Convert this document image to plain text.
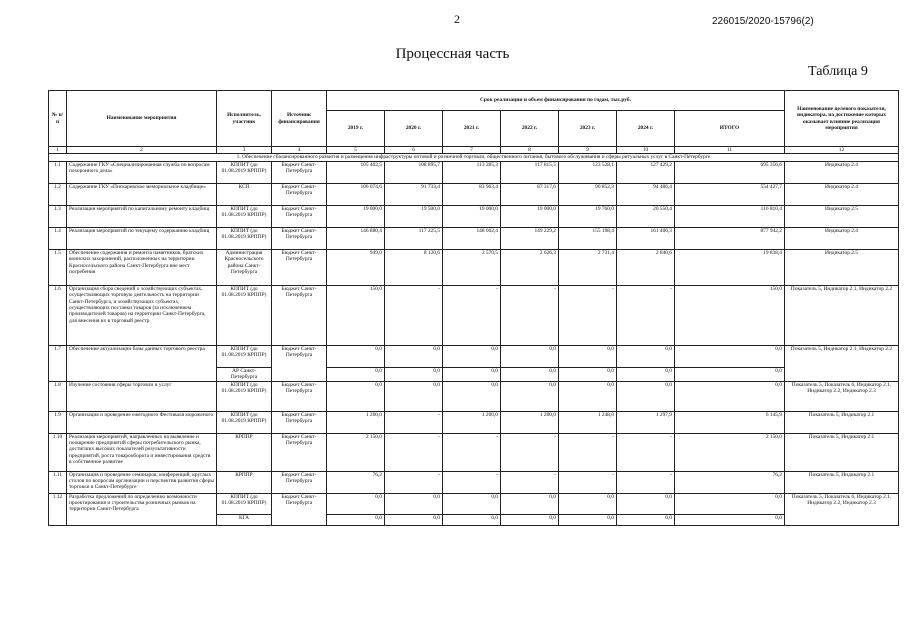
2	226015/2020-15796(2)
Процессная часть
Таблица 9
№ п/п	Наименование мероприятия	Исполнитель, участник	Источник финансирования	Срок реализации и объем финансирования по годам, тыс.руб.							Наименование целевого показателя, индикатора, на достижение которых оказывает влияние реализация мероприятия
				2019 г.	2020 г.	2021 г.	2022 г.	2023 г.	2024 г.	ИТОГО	
1	2	3	4	5	6	7	8	9	10	11	12
1. Обеспечение сбалансированного развития и размещения инфраструктуры оптовой и розничной торговли, общественного питания, бытового обслуживания и сферы ритуальных услуг в Санкт-Петербурге											
1.1	Содержание ГКУ «Специализированная служба по вопросам похоронного дела»	КППИТ (до 01.08.2019 КРППР)	Бюджет Санкт-Петербурга	105 402,5	108 895,7	113 285,3	117 815,5	123 528,1	127 429,2	695 356,6	Индикатор 2.4
1.2	Содержание ГКУ «Пискаревское мемориальное кладбище»	КСП	Бюджет Санкт-Петербурга	106 074,6	91 733,4	83 963,4	87 317,6	90 852,3	94 486,4	554 427,7	Индикатор 2.4
1.3	Реализация мероприятий по капитальному ремонту кладбищ	КППИТ (до 01.08.2019 КРППР)	Бюджет Санкт-Петербурга	19 000,0	19 500,0	19 000,0	19 000,0	19 760,0	20 550,4	116 810,4	Индикатор 2.5
1.4	Реализация мероприятий по текущему содержанию кладбищ	КППИТ (до 01.08.2019 КРППР)	Бюджет Санкт-Петербурга	146 880,4	117 225,5	148 002,4	149 229,2	155 198,4	161 406,3	877 942,2	Индикатор 2.4
1.5	Обеспечение содержания и ремонта памятников, братских воинских захоронений, расположенных на территории Красносельского района Санкт-Петербурга вне мест погребения	Администрация Красносельского района Санкт-Петербурга	Бюджет Санкт-Петербурга	949,0	8 120,6	2 570,5	2 626,3	2 731,4	2 840,6	19 838,4	Индикатор 2.5
1.6	Организация сбора сведений о хозяйствующих субъектах, осуществляющих торговую деятельность на территории Санкт-Петербурга, и хозяйствующих субъектах, осуществляющих поставки товаров (за исключением производителей товаров) на территории Санкт-Петербурга, для внесения их в торговый реестр	КППИТ (до 01.08.2019 КРППР)	Бюджет Санкт-Петербурга	150,0	-	-	-	-	-	150,0	Показатель 5, Индикатор 2.1, Индикатор 2.2
1.7	Обеспечение актуализации базы данных торгового реестра	КППИТ (до 01.08.2019 КРППР)	Бюджет Санкт-Петербурга	0,0	0,0	0,0	0,0	0,0	0,0	0,0	Показатель 5, Индикатор 2.1, Индикатор 2.2
		АР Санкт-Петербурга		0,0	0,0	0,0	0,0	0,0	0,0	0,0	
1.8	Изучение состояния сферы торговли и услуг	КППИТ (до 01.08.2019 КРППР)	Бюджет Санкт-Петербурга	0,0	0,0	0,0	0,0	0,0	0,0	0,0	Показатель 5, Показатель 6, Индикатор 2.1, Индикатор 2.2, Индикатор 2.3
1.9	Организация и проведение ежегодного Фестиваля мороженого	КППИТ (до 01.08.2019 КРППР)	Бюджет Санкт-Петербурга	1 200,0	-	1 200,0	1 200,0	1 248,0	1 297,9	6 145,9	Показатель 5, Индикатор 2.1
1.10	Реализация мероприятий, направленных на выявление и поощрение предприятий сферы потребительского рынка, достигших высоких показателей результативности предприятий, роста товарооборота и инвестирования средств в собственное развитие	КРППР	Бюджет Санкт-Петербурга	2 150,0	-	-	-	-	-	2 150,0	Показатель 5, Индикатор 2.1
1.11	Организация и проведение семинаров, конференций, круглых столов по вопросам организации и перспектив развития сферы торговли в Санкт-Петербурге	КРППР	Бюджет Санкт-Петербурга	76,2	-	-	-	-	-	76,2	Показатель 5, Индикатор 2.1
1.12	Разработка предложений по определению возможности проектирования и строительства розничных рынков на территории Санкт-Петербурга	КППИТ (до 01.08.2019 КРППР)	Бюджет Санкт-Петербурга	0,0	0,0	0,0	0,0	0,0	0,0	0,0	Показатель 5, Показатель 6, Индикатор 2.1, Индикатор 2.2, Индикатор 2.3
		КГА		0,0	0,0	0,0	0,0	0,0	0,0	0,0	
